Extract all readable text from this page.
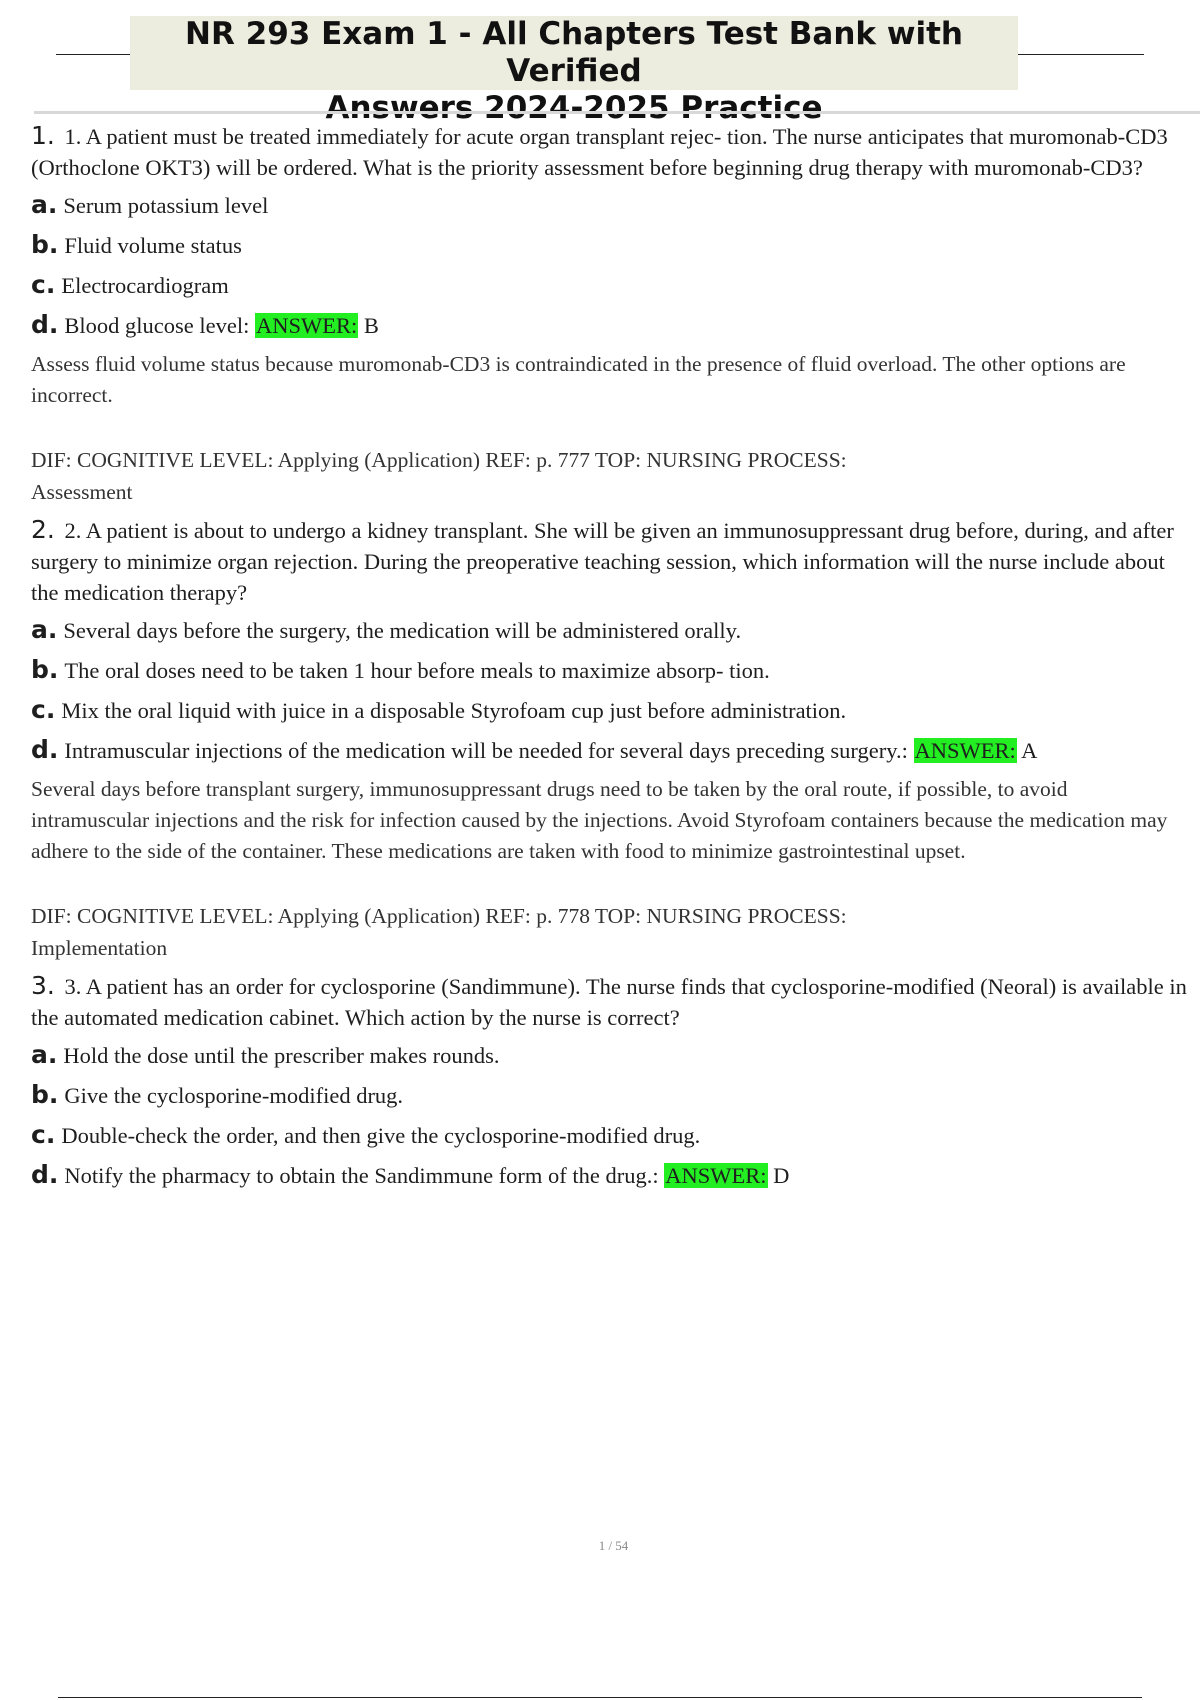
NR 293 Exam 1 - All Chapters Test Bank with Verified
Answers 2024-2025 Practice
1. 1. A patient must be treated immediately for acute organ transplant rejec- tion. The nurse anticipates that muromonab-CD3 (Orthoclone OKT3) will be ordered. What is the priority assessment before beginning drug therapy with muromonab-CD3?
a. Serum potassium level
b. Fluid volume status
c. Electrocardiogram
d. Blood glucose level: ANSWER: B
Assess fluid volume status because muromonab-CD3 is contraindicated in the presence of fluid overload. The other options are incorrect.
DIF: COGNITIVE LEVEL: Applying (Application) REF: p. 777 TOP: NURSING PROCESS:
Assessment
2. 2. A patient is about to undergo a kidney transplant. She will be given an immunosuppressant drug before, during, and after surgery to minimize organ rejection. During the preoperative teaching session, which information will the nurse include about the medication therapy?
a. Several days before the surgery, the medication will be administered orally.
b. The oral doses need to be taken 1 hour before meals to maximize absorp- tion.
c. Mix the oral liquid with juice in a disposable Styrofoam cup just before administration.
d. Intramuscular injections of the medication will be needed for several days preceding surgery.: ANSWER: A
Several days before transplant surgery, immunosuppressant drugs need to be taken by the oral route, if possible, to avoid intramuscular injections and the risk for infection caused by the injections. Avoid Styrofoam containers because the medication may adhere to the side of the container. These medications are taken with food to minimize gastrointestinal upset.
DIF: COGNITIVE LEVEL: Applying (Application) REF: p. 778 TOP: NURSING PROCESS:
Implementation
3. 3. A patient has an order for cyclosporine (Sandimmune). The nurse finds that cyclosporine-modified (Neoral) is available in the automated medication cabinet. Which action by the nurse is correct?
a. Hold the dose until the prescriber makes rounds.
b. Give the cyclosporine-modified drug.
c. Double-check the order, and then give the cyclosporine-modified drug.
d. Notify the pharmacy to obtain the Sandimmune form of the drug.: ANSWER: D
1 / 54
